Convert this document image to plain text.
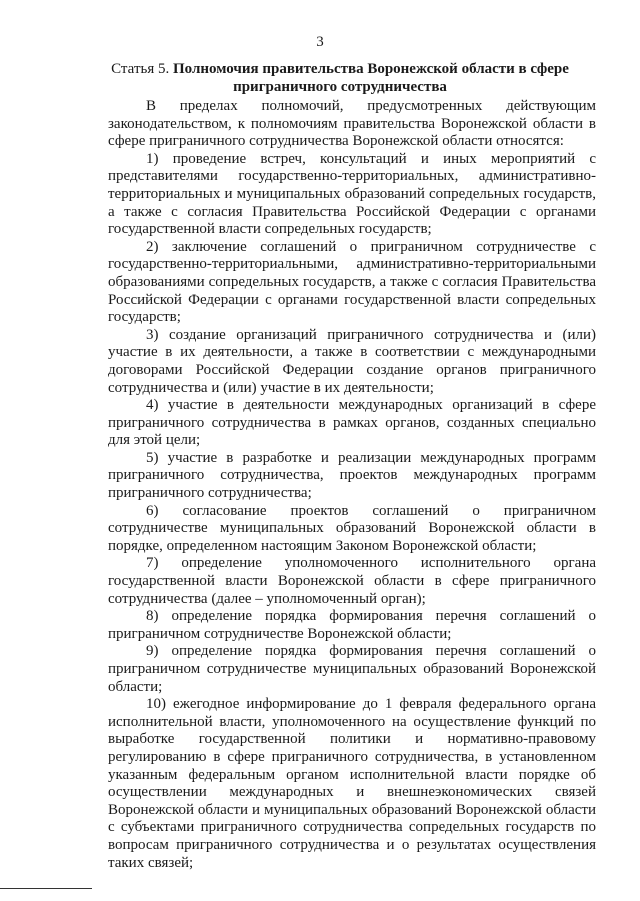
3
Статья 5. Полномочия правительства Воронежской области в сфере приграничного сотрудничества

В пределах полномочий, предусмотренных действующим законодательством, к полномочиям правительства Воронежской области в сфере приграничного сотрудничества Воронежской области относятся:

1) проведение встреч, консультаций и иных мероприятий с представителями государственно-территориальных, административно-территориальных и муниципальных образований сопредельных государств, а также с согласия Правительства Российской Федерации с органами государственной власти сопредельных государств;

2) заключение соглашений о приграничном сотрудничестве с государственно-территориальными, административно-территориальными образованиями сопредельных государств, а также с согласия Правительства Российской Федерации с органами государственной власти сопредельных государств;

3) создание организаций приграничного сотрудничества и (или) участие в их деятельности, а также в соответствии с международными договорами Российской Федерации создание органов приграничного сотрудничества и (или) участие в их деятельности;

4) участие в деятельности международных организаций в сфере приграничного сотрудничества в рамках органов, созданных специально для этой цели;

5) участие в разработке и реализации международных программ приграничного сотрудничества, проектов международных программ приграничного сотрудничества;

6) согласование проектов соглашений о приграничном сотрудничестве муниципальных образований Воронежской области в порядке, определенном настоящим Законом Воронежской области;

7) определение уполномоченного исполнительного органа государственной власти Воронежской области в сфере приграничного сотрудничества (далее – уполномоченный орган);

8) определение порядка формирования перечня соглашений о приграничном сотрудничестве Воронежской области;

9) определение порядка формирования перечня соглашений о приграничном сотрудничестве муниципальных образований Воронежской области;

10) ежегодное информирование до 1 февраля федерального органа исполнительной власти, уполномоченного на осуществление функций по выработке государственной политики и нормативно-правовому регулированию в сфере приграничного сотрудничества, в установленном указанным федеральным органом исполнительной власти порядке об осуществлении международных и внешнеэкономических связей Воронежской области и муниципальных образований Воронежской области с субъектами приграничного сотрудничества сопредельных государств по вопросам приграничного сотрудничества и о результатах осуществления таких связей;
